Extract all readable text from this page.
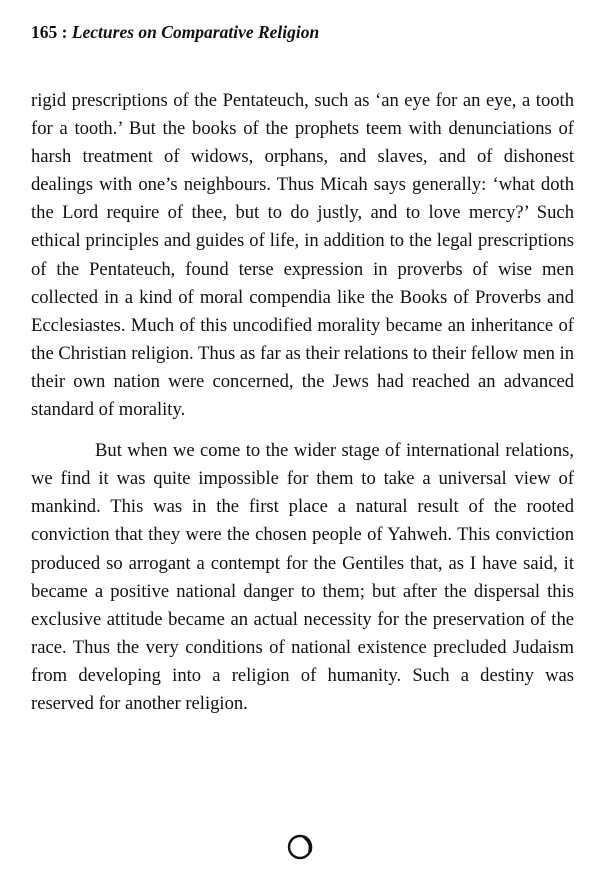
165 : Lectures on Comparative Religion

rigid prescriptions of the Pentateuch, such as ‘an eye for an eye, a tooth for a tooth.’ But the books of the prophets teem with denunciations of harsh treatment of widows, orphans, and slaves, and of dishonest dealings with one’s neighbours. Thus Micah says generally: ‘what doth the Lord require of thee, but to do justly, and to love mercy?’ Such ethical principles and guides of life, in addition to the legal prescriptions of the Pentateuch, found terse expression in proverbs of wise men collected in a kind of moral compendia like the Books of Proverbs and Ecclesiastes. Much of this uncodified morality became an inheritance of the Christian religion. Thus as far as their relations to their fellow men in their own nation were concerned, the Jews had reached an advanced standard of morality.

But when we come to the wider stage of international relations, we find it was quite impossible for them to take a universal view of mankind. This was in the first place a natural result of the rooted conviction that they were the chosen people of Yahweh. This conviction produced so arrogant a contempt for the Gentiles that, as I have said, it became a positive national danger to them; but after the dispersal this exclusive attitude became an actual necessity for the preservation of the race. Thus the very conditions of national existence precluded Judaism from developing into a religion of humanity. Such a destiny was reserved for another religion.
